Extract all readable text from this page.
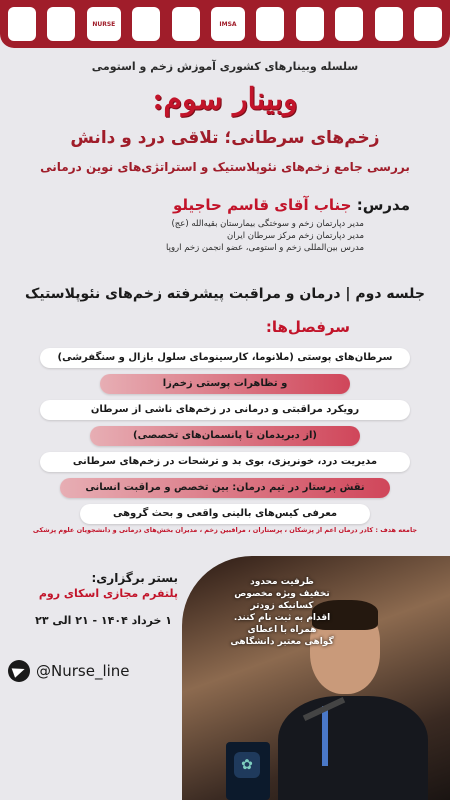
NURSE	IMSA
سلسله وبینارهای کشوری آموزش زخم و استومی
وبینار سوم:
زخم‌های سرطانی؛ تلاقی درد و دانش
بررسی جامع زخم‌های نئوپلاستیک و استراتژی‌های نوین درمانی
مدرس: جناب آقای قاسم حاجیلو
مدیر دپارتمان زخم و سوختگی بیمارستان بقیه‌الله (عج)
مدیر دپارتمان زخم مرکز سرطان ایران
مدرس بین‌المللی زخم و استومی، عضو انجمن زخم اروپا
جلسه دوم | درمان و مراقبت پیشرفته زخم‌های نئوپلاستیک
سرفصل‌ها:
سرطان‌های پوستی (ملانوما، کارسینومای سلول بازال و سنگفرشی)
و تظاهرات پوستی زخم‌زا
رویکرد مراقبتی و درمانی در زخم‌های ناشی از سرطان
(از دبریدمان تا پانسمان‌های تخصصی)
مدیریت درد، خونریزی، بوی بد و ترشحات در زخم‌های سرطانی
نقش پرستار در تیم درمان: بین تخصص و مراقبت انسانی
معرفی کیس‌های بالینی واقعی و بحث گروهی
جامعه هدف : کادر درمان اعم از پزشکان ، پرستاران ، مراقبین زخم ، مدیران بخش‌های درمانی و دانشجویان علوم پزشکی
بستر برگزاری:
پلتفرم مجازی اسکای روم
۱ خرداد ۱۴۰۴ - ۲۱ الی ۲۳
✿
ظرفیت محدود
تخفیف ویژه مخصوص
کسانیکه زودتر
اقدام به ثبت نام کنند.
همراه با اعطای
گواهی معتبر دانشگاهی
@Nurse_line
